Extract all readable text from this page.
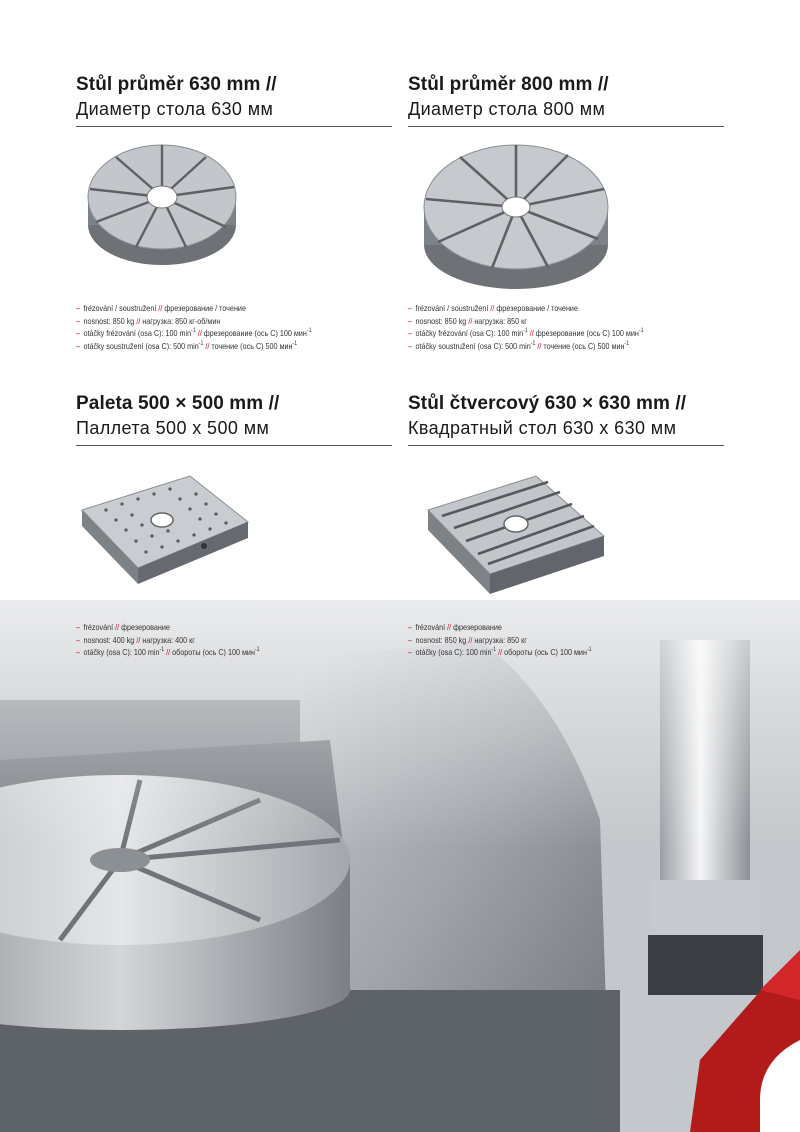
Stůl průměr 630 mm //
Диаметр стола 630 мм
– frézování / soustružení // фрезерование / точение
– nosnost: 850 kg // нагрузка: 850 кг-об/мин
– otáčky frézování (osa C): 100 $\min^{-1}$ // фрезерование (ось С) 100 мин$^{-1}$
– otáčky soustružení (osa C): 500 $\min^{-1}$ // точение (ось С) 500 мин$^{-1}$
Stůl průměr 800 mm //
Диаметр стола 800 мм
– frézování / soustružení // фрезерование / точение
– nosnost: 850 kg // нагрузка: 850 кг
– otáčky frézování (osa C): 100 $\min^{-1}$ // фрезерование (ось С) 100 мин$^{-1}$
– otáčky soustružení (osa C): 500 $\min^{-1}$ // точение (ось С) 500 мин$^{-1}$
Paleta 500 × 500 mm //
Паллета 500 х 500 мм
– frézování // фрезерование
– nosnost: 400 kg // нагрузка: 400 кг
– otáčky (osa C): 100 $\min^{-1}$ // обороты (ось С) 100 мин$^{-1}$
Stůl čtvercový 630 × 630 mm //
Квадратный стол 630 х 630 мм
– frézování // фрезерование
– nosnost: 850 kg // нагрузка: 850 кг
– otáčky (osa C): 100 $\min^{-1}$ // обороты (ось С) 100 мин$^{-1}$
